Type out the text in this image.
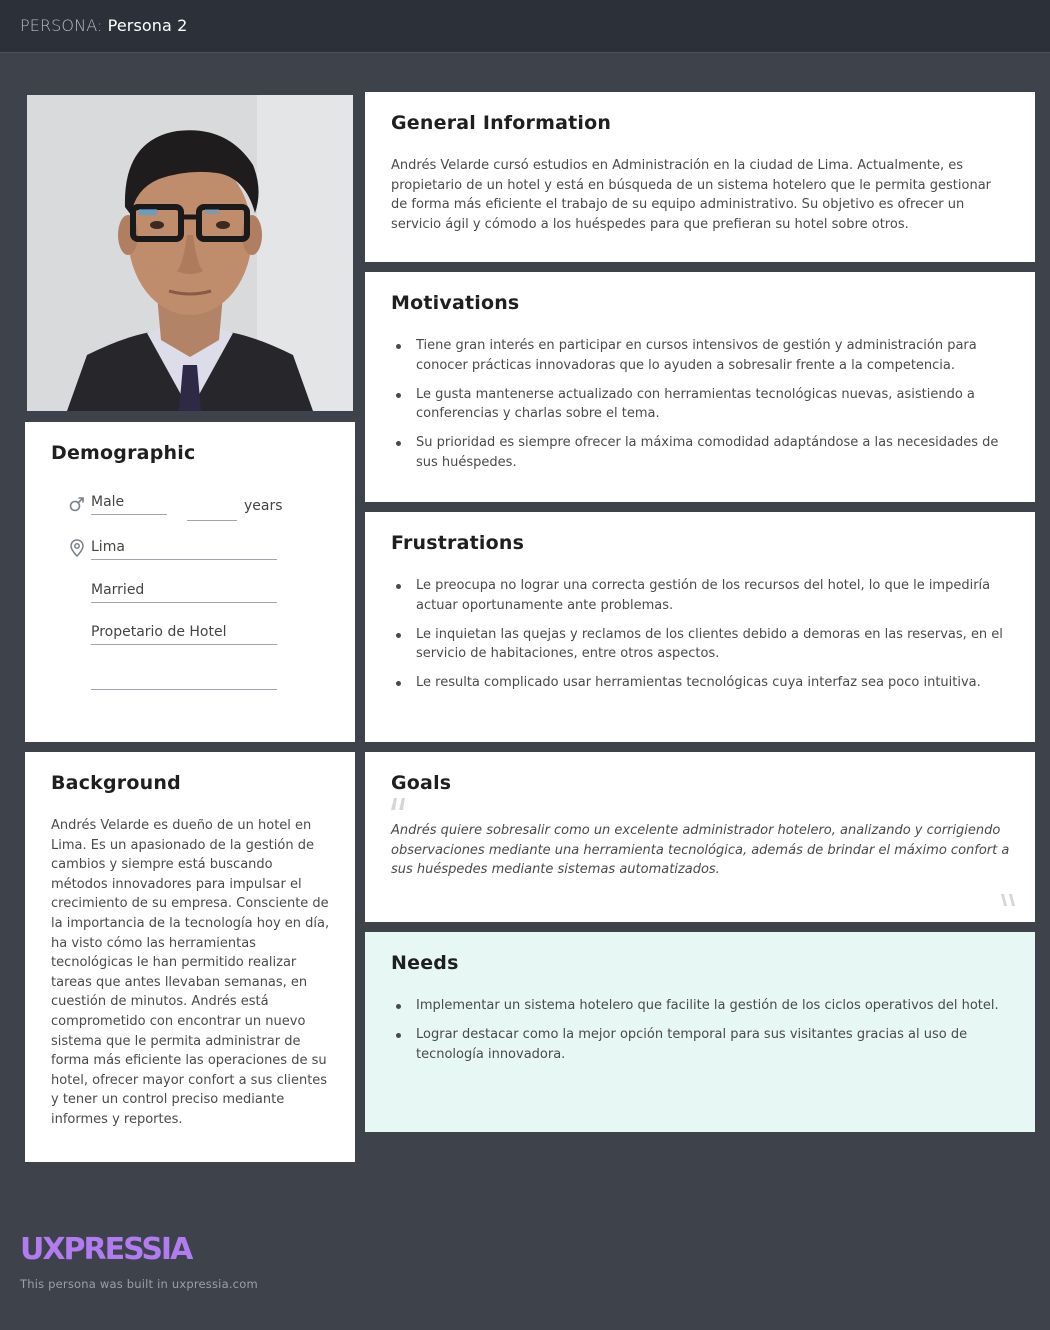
PERSONA: Persona 2
Demographic
Male	years
Lima
Married
Propetario de Hotel
General Information

Andrés Velarde cursó estudios en Administración en la ciudad de Lima. Actualmente, es propietario de un hotel y está en búsqueda de un sistema hotelero que le permita gestionar de forma más eficiente el trabajo de su equipo administrativo. Su objetivo es ofrecer un servicio ágil y cómodo a los huéspedes para que prefieran su hotel sobre otros.

Motivations
Tiene gran interés en participar en cursos intensivos de gestión y administración para conocer prácticas innovadoras que lo ayuden a sobresalir frente a la competencia.
Le gusta mantenerse actualizado con herramientas tecnológicas nuevas, asistiendo a conferencias y charlas sobre el tema.
Su prioridad es siempre ofrecer la máxima comodidad adaptándose a las necesidades de sus huéspedes.
Frustrations
Le preocupa no lograr una correcta gestión de los recursos del hotel, lo que le impediría actuar oportunamente ante problemas.
Le inquietan las quejas y reclamos de los clientes debido a demoras en las reservas, en el servicio de habitaciones, entre otros aspectos.
Le resulta complicado usar herramientas tecnológicas cuya interfaz sea poco intuitiva.
Background

Andrés Velarde es dueño de un hotel en Lima. Es un apasionado de la gestión de cambios y siempre está buscando métodos innovadores para impulsar el crecimiento de su empresa. Consciente de la importancia de la tecnología hoy en día, ha visto cómo las herramientas tecnológicas le han permitido realizar tareas que antes llevaban semanas, en cuestión de minutos. Andrés está comprometido con encontrar un nuevo sistema que le permita administrar de forma más eficiente las operaciones de su hotel, ofrecer mayor confort a sus clientes y tener un control preciso mediante informes y reportes.

Goals

Andrés quiere sobresalir como un excelente administrador hotelero, analizando y corrigiendo observaciones mediante una herramienta tecnológica, además de brindar el máximo confort a sus huéspedes mediante sistemas automatizados.

Needs
Implementar un sistema hotelero que facilite la gestión de los ciclos operativos del hotel.
Lograr destacar como la mejor opción temporal para sus visitantes gracias al uso de tecnología innovadora.
UXPRESSIA
This persona was built in uxpressia.com
